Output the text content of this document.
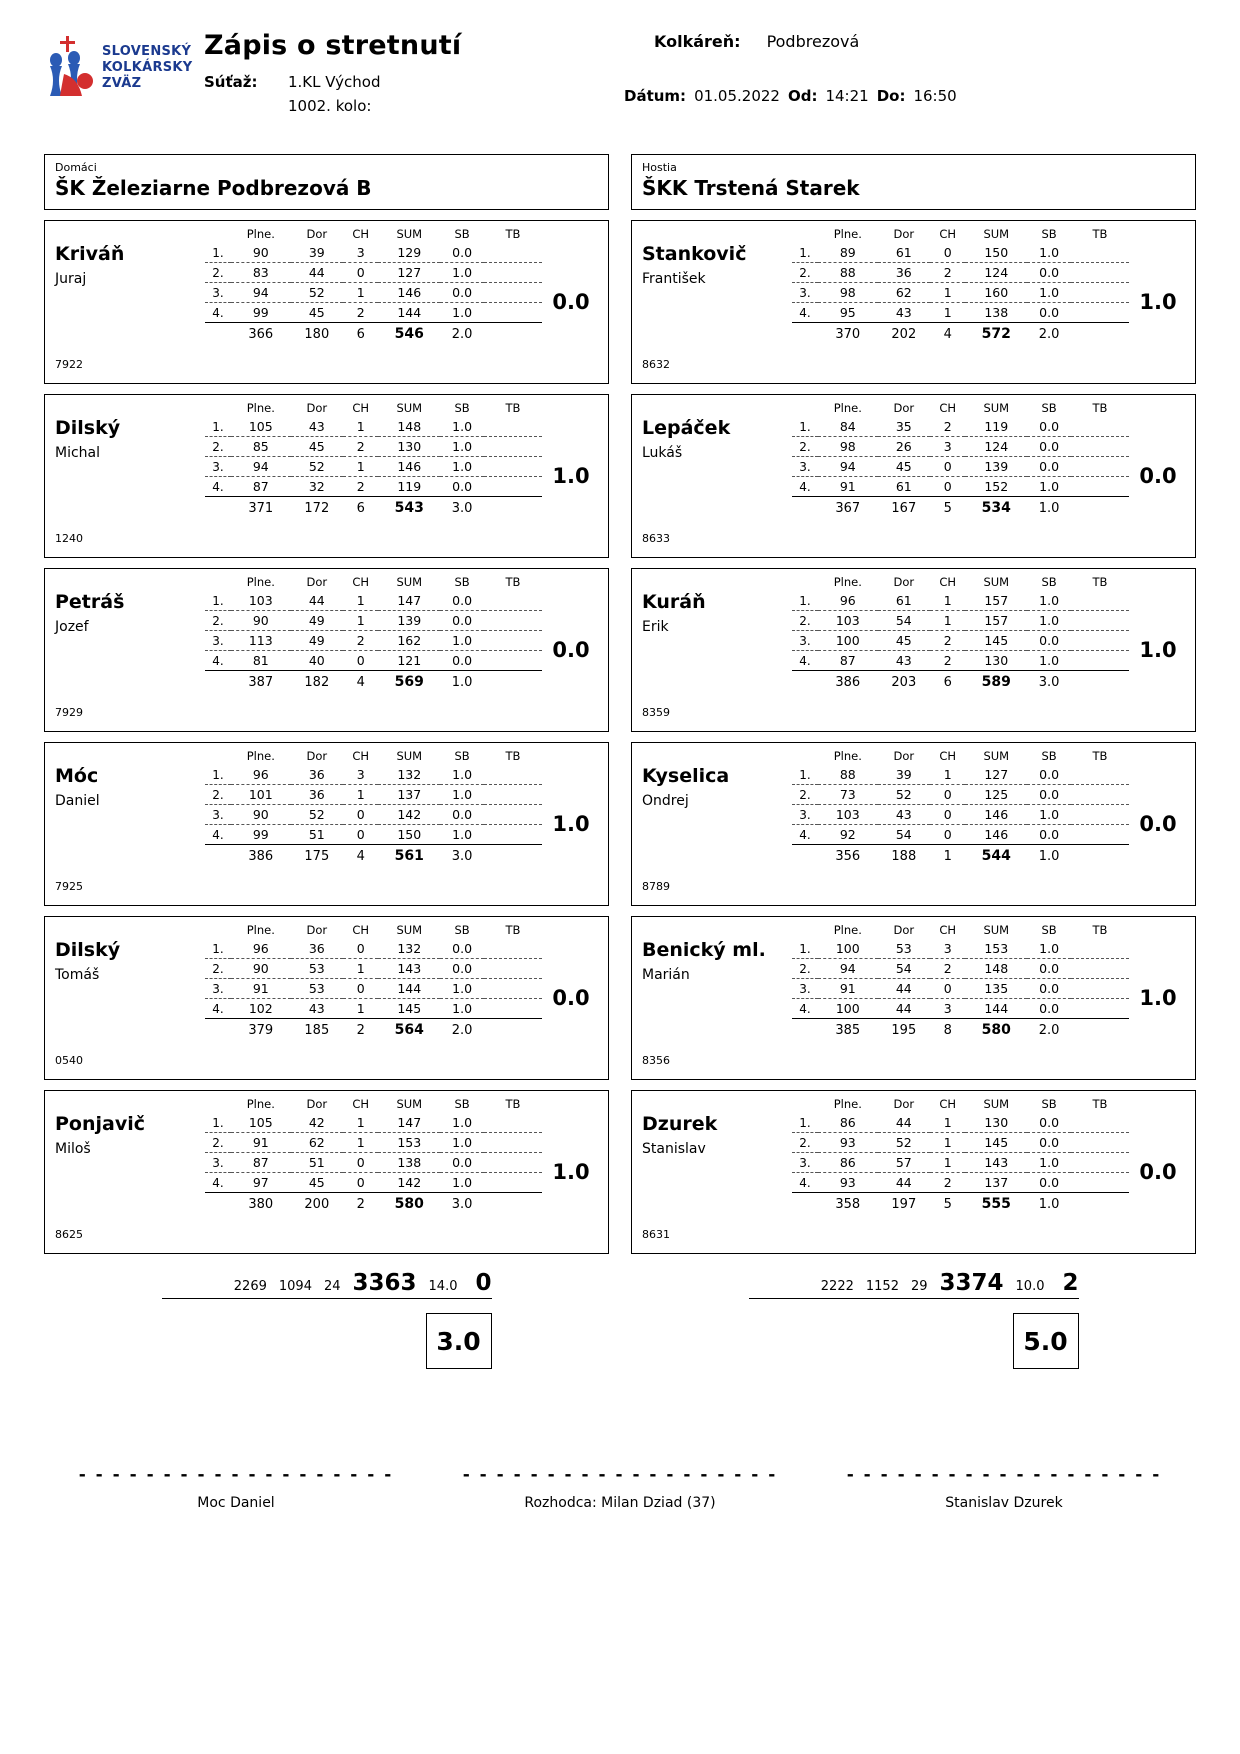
SLOVENSKÝ
KOLKÁRSKY
ZVÄZ
Zápis o stretnutí
Súťaž:	1.KL Východ
1002. kolo:
Kolkáreň: Podbrezová
Dátum: 01.05.2022 Od: 14:21 Do: 16:50
Domáci
ŠK Železiarne Podbrezová B
Hostia
ŠKK Trstená Starek
Kriváň
Juraj
7922
	Plne.	Dor	CH	SUM	SB	TB
1.	90	39	3	129	0.0	
2.	83	44	0	127	1.0	
3.	94	52	1	146	0.0	
4.	99	45	2	144	1.0	
	366	180	6	546	2.0	
0.0
Dilský
Michal
1240
	Plne.	Dor	CH	SUM	SB	TB
1.	105	43	1	148	1.0	
2.	85	45	2	130	1.0	
3.	94	52	1	146	1.0	
4.	87	32	2	119	0.0	
	371	172	6	543	3.0	
1.0
Petráš
Jozef
7929
	Plne.	Dor	CH	SUM	SB	TB
1.	103	44	1	147	0.0	
2.	90	49	1	139	0.0	
3.	113	49	2	162	1.0	
4.	81	40	0	121	0.0	
	387	182	4	569	1.0	
0.0
Móc
Daniel
7925
	Plne.	Dor	CH	SUM	SB	TB
1.	96	36	3	132	1.0	
2.	101	36	1	137	1.0	
3.	90	52	0	142	0.0	
4.	99	51	0	150	1.0	
	386	175	4	561	3.0	
1.0
Dilský
Tomáš
0540
	Plne.	Dor	CH	SUM	SB	TB
1.	96	36	0	132	0.0	
2.	90	53	1	143	0.0	
3.	91	53	0	144	1.0	
4.	102	43	1	145	1.0	
	379	185	2	564	2.0	
0.0
Ponjavič
Miloš
8625
	Plne.	Dor	CH	SUM	SB	TB
1.	105	42	1	147	1.0	
2.	91	62	1	153	1.0	
3.	87	51	0	138	0.0	
4.	97	45	0	142	1.0	
	380	200	2	580	3.0	
1.0
Stankovič
František
8632
	Plne.	Dor	CH	SUM	SB	TB
1.	89	61	0	150	1.0	
2.	88	36	2	124	0.0	
3.	98	62	1	160	1.0	
4.	95	43	1	138	0.0	
	370	202	4	572	2.0	
1.0
Lepáček
Lukáš
8633
	Plne.	Dor	CH	SUM	SB	TB
1.	84	35	2	119	0.0	
2.	98	26	3	124	0.0	
3.	94	45	0	139	0.0	
4.	91	61	0	152	1.0	
	367	167	5	534	1.0	
0.0
Kuráň
Erik
8359
	Plne.	Dor	CH	SUM	SB	TB
1.	96	61	1	157	1.0	
2.	103	54	1	157	1.0	
3.	100	45	2	145	0.0	
4.	87	43	2	130	1.0	
	386	203	6	589	3.0	
1.0
Kyselica
Ondrej
8789
	Plne.	Dor	CH	SUM	SB	TB
1.	88	39	1	127	0.0	
2.	73	52	0	125	0.0	
3.	103	43	0	146	1.0	
4.	92	54	0	146	0.0	
	356	188	1	544	1.0	
0.0
Benický ml.
Marián
8356
	Plne.	Dor	CH	SUM	SB	TB
1.	100	53	3	153	1.0	
2.	94	54	2	148	0.0	
3.	91	44	0	135	0.0	
4.	100	44	3	144	0.0	
	385	195	8	580	2.0	
1.0
Dzurek
Stanislav
8631
	Plne.	Dor	CH	SUM	SB	TB
1.	86	44	1	130	0.0	
2.	93	52	1	145	0.0	
3.	86	57	1	143	1.0	
4.	93	44	2	137	0.0	
	358	197	5	555	1.0	
0.0
2269 1094 24 3363 14.0 0
3.0
2222 1152 29 3374 10.0 2
5.0
- - - - - - - - - - - - - - - - - - -
Moc Daniel
- - - - - - - - - - - - - - - - - - -
Rozhodca: Milan Dziad (37)
- - - - - - - - - - - - - - - - - - -
Stanislav Dzurek
